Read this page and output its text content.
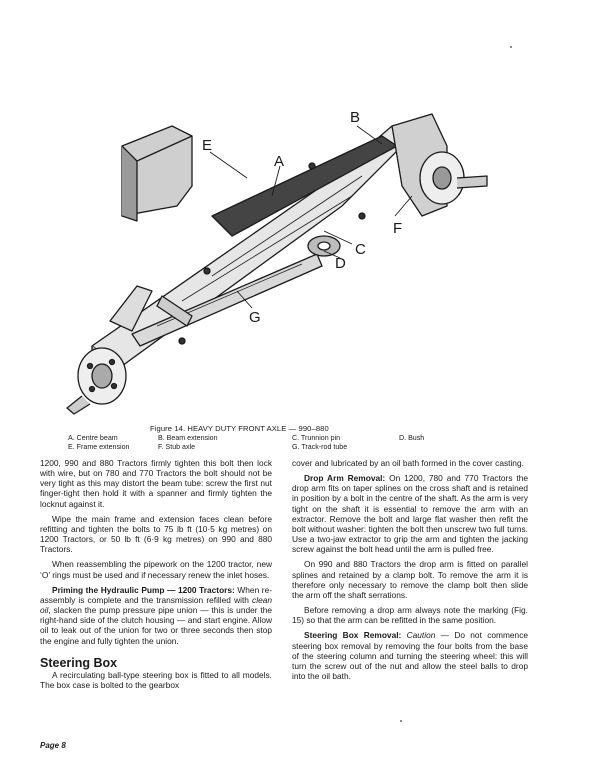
E
A
B
C
D
F
G
Figure 14. HEAVY DUTY FRONT AXLE — 990–880
A. Centre beam	B. Beam extension	C. Trunnion pin	D. Bush
E. Frame extension	F. Stub axle	G. Track-rod tube

1200, 990 and 880 Tractors firmly tighten this bolt then lock with wire, but on 780 and 770 Tractors the bolt should not be very tight as this may distort the beam tube: screw the first nut finger-tight then hold it with a spanner and firmly tighten the locknut against it.

Wipe the main frame and extension faces clean before refitting and tighten the bolts to 75 lb ft (10·5 kg metres) on 1200 Tractors, or 50 lb ft (6·9 kg metres) on 990 and 880 Tractors.

When reassembling the pipework on the 1200 tractor, new ‘O’ rings must be used and if necessary renew the inlet hoses.

Priming the Hydraulic Pump — 1200 Tractors: When re-assembly is complete and the transmission refilled with clean oil, slacken the pump pressure pipe union — this is under the right-hand side of the clutch housing — and start engine. Allow oil to leak out of the union for two or three seconds then stop the engine and fully tighten the union.

Steering Box

A recirculating ball-type steering box is fitted to all models. The box case is bolted to the gearbox

cover and lubricated by an oil bath formed in the cover casting.

Drop Arm Removal: On 1200, 780 and 770 Tractors the drop arm fits on taper splines on the cross shaft and is retained in position by a bolt in the centre of the shaft. As the arm is very tight on the shaft it is essential to remove the arm with an extractor. Remove the bolt and large flat washer then refit the bolt without washer: tighten the bolt then unscrew two full turns. Use a two-jaw extractor to grip the arm and tighten the jacking screw against the bolt head until the arm is pulled free.

On 990 and 880 Tractors the drop arm is fitted on parallel splines and retained by a clamp bolt. To remove the arm it is therefore only necessary to remove the clamp bolt then slide the arm off the shaft serrations.

Before removing a drop arm always note the marking (Fig. 15) so that the arm can be refitted in the same position.

Steering Box Removal: Caution — Do not commence steering box removal by removing the four bolts from the base of the steering column and turning the steering wheel: this will turn the screw out of the nut and allow the steel balls to drop into the oil bath.

Page 8
